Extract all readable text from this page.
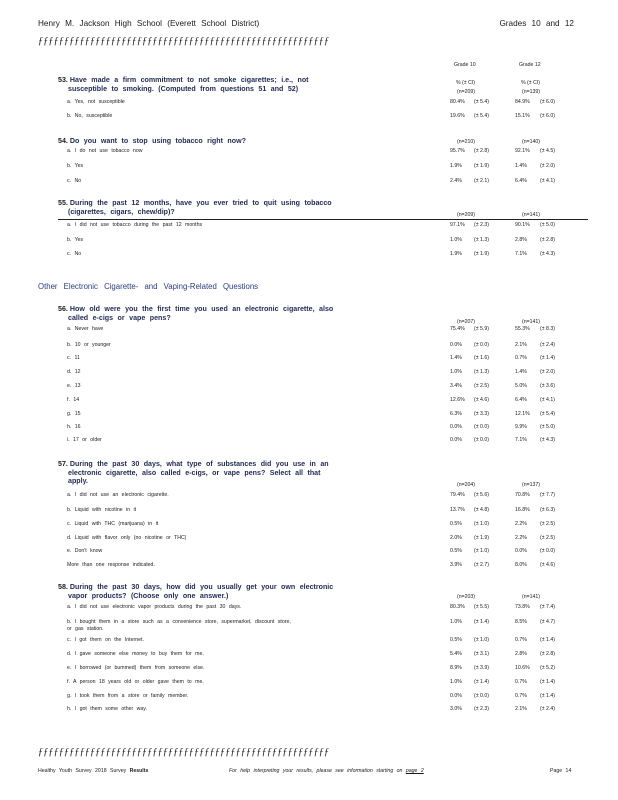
Henry M. Jackson High School (Everett School District)	Grades 10 and 12
ƒƒƒƒƒƒƒƒƒƒƒƒƒƒƒƒƒƒƒƒƒƒƒƒƒƒƒƒƒƒƒƒƒƒƒƒƒƒƒƒƒƒƒƒƒƒƒƒƒƒƒƒƒƒƒƒ
Grade 10	Grade 12
Other Electronic Cigarette- and Vaping-Related Questions
53. Have made a firm commitment to not smoke cigarettes; i.e., not
susceptible to smoking. (Computed from questions 51 and 52)
% (± CI)	% (± CI)
(n=209)	(n=139)
a. Yes, not susceptible	80.4% (± 5.4)	84.9% (± 6.0)
b. No, susceptible	19.6% (± 5.4)	15.1% (± 6.0)
54. Do you want to stop using tobacco right now?	(n=210)	(n=140)
a. I do not use tobacco now	95.7% (± 2.8)	92.1% (± 4.5)
b. Yes	1.9% (± 1.9)	1.4%	(± 2.0)
c. No	2.4% (± 2.1)	6.4%	(± 4.1)
55. During the past 12 months, have you ever tried to quit using tobacco
(cigarettes, cigars, chew/dip)?	(n=209)	(n=141)
a. I did not use tobacco during the past 12 months	97.1% (± 2.3)	90.1% (± 5.0)
b. Yes	1.0% (± 1.3)	2.8%	(± 2.8)
c. No	1.9% (± 1.9)	7.1%	(± 4.3)
56. How old were you the first time you used an electronic cigarette, also
called e-cigs or vape pens?
(n=207)	(n=141)
a. Never have	75.4% (± 5.9)	55.3% (± 8.3)
b. 10 or younger	0.0% (± 0.0)	2.1%	(± 2.4)
c. 11	1.4% (± 1.6)	0.7%	(± 1.4)
d. 12	1.0% (± 1.3)	1.4%	(± 2.0)
e. 13	3.4% (± 2.5)	5.0%	(± 3.6)
f. 14	12.6% (± 4.6)	6.4%	(± 4.1)
g. 15	6.3% (± 3.3)	12.1% (± 5.4)
h. 16	0.0% (± 0.0)	9.9%	(± 5.0)
i. 17 or older	0.0% (± 0.0)	7.1%	(± 4.3)
57. During the past 30 days, what type of substances did you use in an
electronic cigarette, also called e-cigs, or vape pens? Select all that
apply.	(n=204)	(n=137)
a. I did not use an electronic cigarette.	79.4% (± 5.6)	70.8% (± 7.7)
b. Liquid with nicotine in it	13.7% (± 4.8)	16.8% (± 6.3)
c. Liquid with THC (marijuana) in it	0.5% (± 1.0)	2.2%	(± 2.5)
d. Liquid with flavor only (no nicotine or THC)	2.0% (± 1.9)	2.2%	(± 2.5)
e. Don't know	0.5% (± 1.0)	0.0%	(± 0.0)
More than one response indicated.	3.9% (± 2.7)	8.0%	(± 4.6)
58. During the past 30 days, how did you usually get your own electronic
vapor products? (Choose only one answer.)	(n=203)	(n=141)
a. I did not use electronic vapor products during the past 30 days.	80.3% (± 5.5)	73.8% (± 7.4)
b. I bought them in a store such as a convenience store, supermarket, discount store,
or gas station.
1.0% (± 1.4)	8.5%	(± 4.7)
c. I got them on the Internet.	0.5% (± 1.0)	0.7%	(± 1.4)
d. I gave someone else money to buy them for me.	5.4% (± 3.1)	2.8%	(± 2.8)
e. I borrowed (or bummed) them from someone else.	8.9% (± 3.9)	10.6% (± 5.2)
f. A person 18 years old or older gave them to me.	1.0% (± 1.4)	0.7%	(± 1.4)
g. I took them from a store or family member.	0.0% (± 0.0)	0.7%	(± 1.4)
h. I got them some other way.	3.0% (± 2.3)	2.1%	(± 2.4)
ƒƒƒƒƒƒƒƒƒƒƒƒƒƒƒƒƒƒƒƒƒƒƒƒƒƒƒƒƒƒƒƒƒƒƒƒƒƒƒƒƒƒƒƒƒƒƒƒƒƒƒƒƒƒƒƒ
Healthy Youth Survey 2018 Survey Results	For help interpreting your results, please see information starting on page 2	Page 14
